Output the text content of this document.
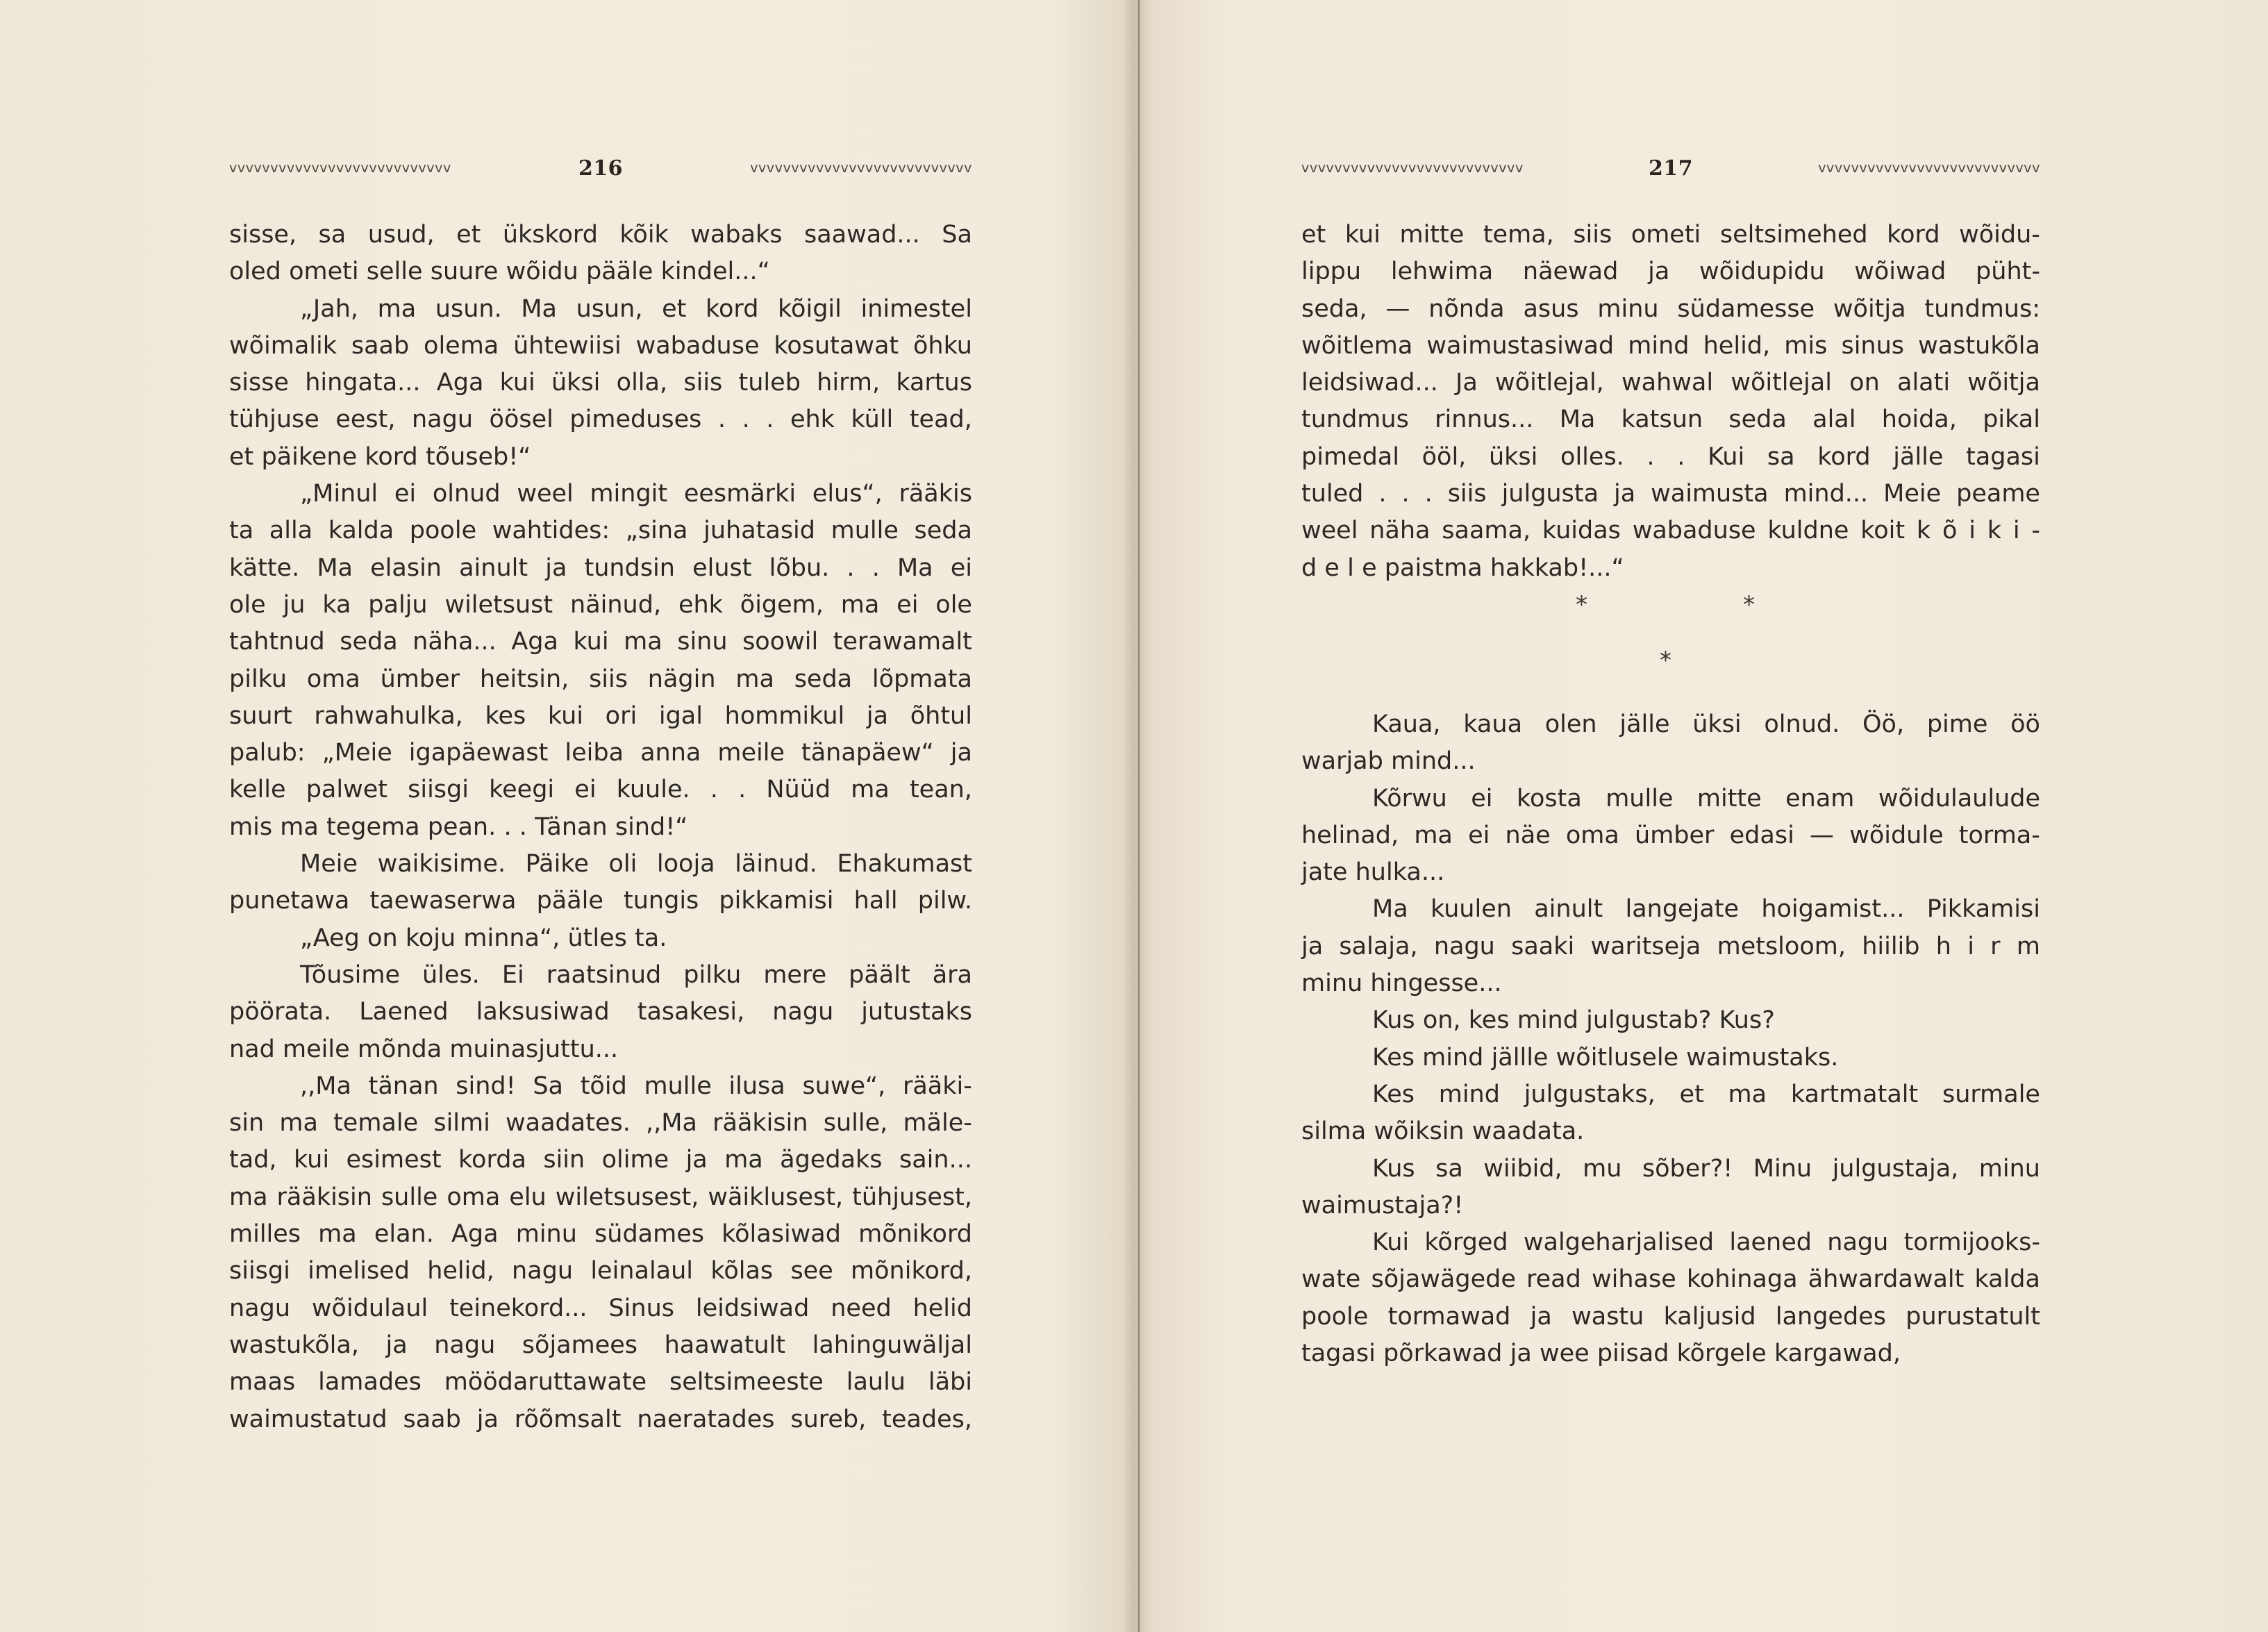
vvvvvvvvvvvvvvvvvvvvvvvvvvv	216	vvvvvvvvvvvvvvvvvvvvvvvvvvv
sisse, sa usud, et ükskord kõik wabaks saawad... Sa
oled ometi selle suure wõidu pääle kindel...“
„Jah, ma usun. Ma usun, et kord kõigil inimestel
wõimalik saab olema ühtewiisi wabaduse kosutawat õhku
sisse hingata... Aga kui üksi olla, siis tuleb hirm, kartus
tühjuse eest, nagu öösel pimeduses . . . ehk küll tead,
et päikene kord tõuseb!“
„Minul ei olnud weel mingit eesmärki elus“, rääkis
ta alla kalda poole wahtides: „sina juhatasid mulle seda
kätte. Ma elasin ainult ja tundsin elust lõbu. . . Ma ei
ole ju ka palju wiletsust näinud, ehk õigem, ma ei ole
tahtnud seda näha... Aga kui ma sinu soowil terawamalt
pilku oma ümber heitsin, siis nägin ma seda lõpmata
suurt rahwahulka, kes kui ori igal hommikul ja õhtul
palub: „Meie igapäewast leiba anna meile tänapäew“ ja
kelle palwet siisgi keegi ei kuule. . . Nüüd ma tean,
mis ma tegema pean. . . Tänan sind!“
Meie waikisime. Päike oli looja läinud. Ehakumast
punetawa taewaserwa pääle tungis pikkamisi hall pilw.
„Aeg on koju minna“, ütles ta.
Tõusime üles. Ei raatsinud pilku mere päält ära
pöörata. Laened laksusiwad tasakesi, nagu jutustaks
nad meile mõnda muinasjuttu...
,,Ma tänan sind! Sa tõid mulle ilusa suwe“, rääki-
sin ma temale silmi waadates. ,,Ma rääkisin sulle, mäle-
tad, kui esimest korda siin olime ja ma ägedaks sain...
ma rääkisin sulle oma elu wiletsusest, wäiklusest, tühjusest,
milles ma elan. Aga minu südames kõlasiwad mõnikord
siisgi imelised helid, nagu leinalaul kõlas see mõnikord,
nagu wõidulaul teinekord... Sinus leidsiwad need helid
wastukõla, ja nagu sõjamees haawatult lahinguwäljal
maas lamades möödaruttawate seltsimeeste laulu läbi
waimustatud saab ja rõõmsalt naeratades sureb, teades,
vvvvvvvvvvvvvvvvvvvvvvvvvvv	217	vvvvvvvvvvvvvvvvvvvvvvvvvvv
et kui mitte tema, siis ometi seltsimehed kord wõidu-
lippu lehwima näewad ja wõidupidu wõiwad püht-
seda, — nõnda asus minu südamesse wõitja tundmus:
wõitlema waimustasiwad mind helid, mis sinus wastukõla
leidsiwad... Ja wõitlejal, wahwal wõitlejal on alati wõitja
tundmus rinnus... Ma katsun seda alal hoida, pikal
pimedal ööl, üksi olles. . . Kui sa kord jälle tagasi
tuled . . . siis julgusta ja waimusta mind... Meie peame
weel näha saama, kuidas wabaduse kuldne koit k õ i k i -
d e l e paistma hakkab!...“
*	*
*
Kaua, kaua olen jälle üksi olnud. Öö, pime öö
warjab mind...
Kõrwu ei kosta mulle mitte enam wõidulaulude
helinad, ma ei näe oma ümber edasi — wõidule torma-
jate hulka...
Ma kuulen ainult langejate hoigamist... Pikkamisi
ja salaja, nagu saaki waritseja metsloom, hiilib h i r m
minu hingesse...
Kus on, kes mind julgustab? Kus?
Kes mind jällle wõitlusele waimustaks.
Kes mind julgustaks, et ma kartmatalt surmale
silma wõiksin waadata.
Kus sa wiibid, mu sõber?! Minu julgustaja, minu
waimustaja?!
Kui kõrged walgeharjalised laened nagu tormijooks-
wate sõjawägede read wihase kohinaga ähwardawalt kalda
poole tormawad ja wastu kaljusid langedes purustatult
tagasi põrkawad ja wee piisad kõrgele kargawad,
